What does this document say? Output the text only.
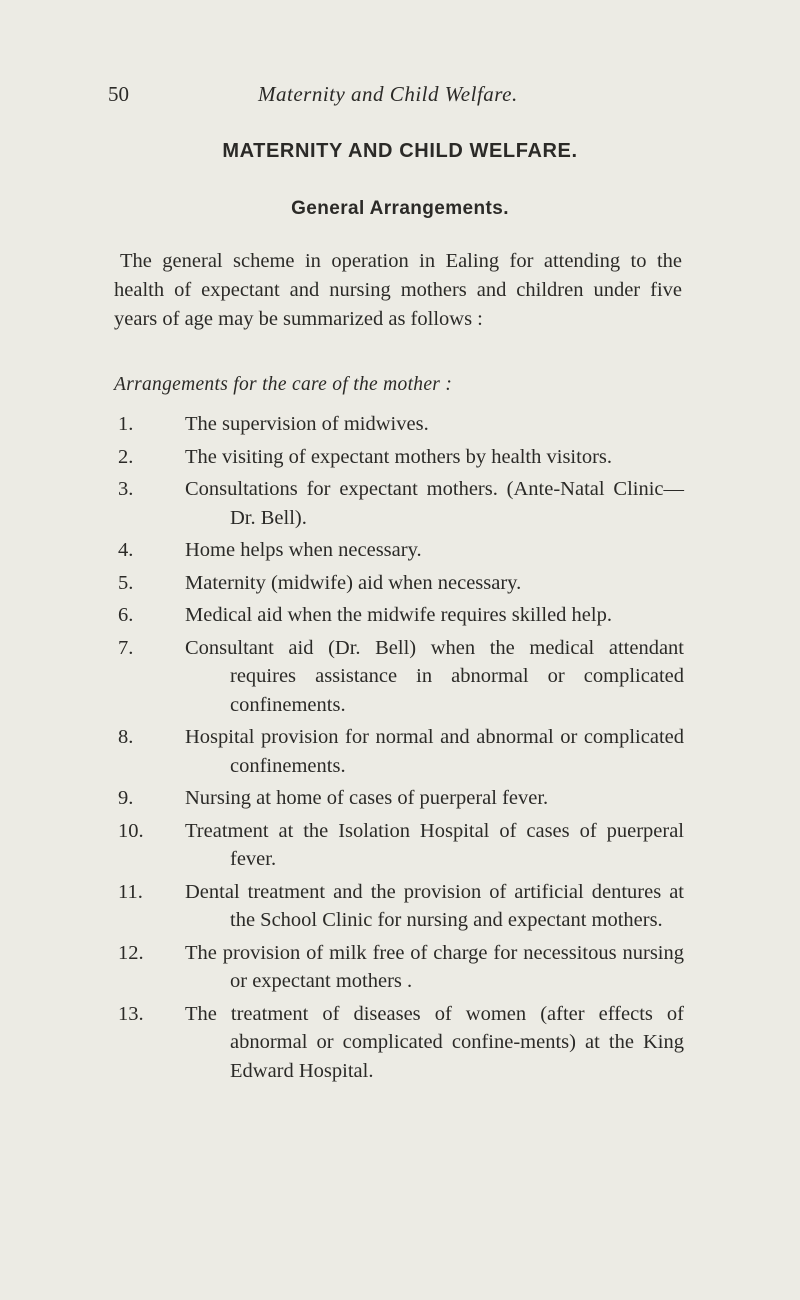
50	Maternity and Child Welfare.
MATERNITY AND CHILD WELFARE.
General Arrangements.

The general scheme in operation in Ealing for attending to the health of expectant and nursing mothers and children under five years of age may be summarized as follows :

Arrangements for the care of the mother :

1.	The supervision of midwives.
2.	The visiting of expectant mothers by health visitors.
3.	Consultations for expectant mothers. (Ante-Natal Clinic—Dr. Bell).
4.	Home helps when necessary.
5.	Maternity (midwife) aid when necessary.
6.	Medical aid when the midwife requires skilled help.
7.	Consultant aid (Dr. Bell) when the medical attendant requires assistance in abnormal or complicated confinements.
8.	Hospital provision for normal and abnormal or complicated confinements.
9.	Nursing at home of cases of puerperal fever.
10.	Treatment at the Isolation Hospital of cases of puerperal fever.
11.	Dental treatment and the provision of artificial dentures at the School Clinic for nursing and expectant mothers.
12.	The provision of milk free of charge for necessitous nursing or expectant mothers .
13.	The treatment of diseases of women (after effects of abnormal or complicated confine-ments) at the King Edward Hospital.
